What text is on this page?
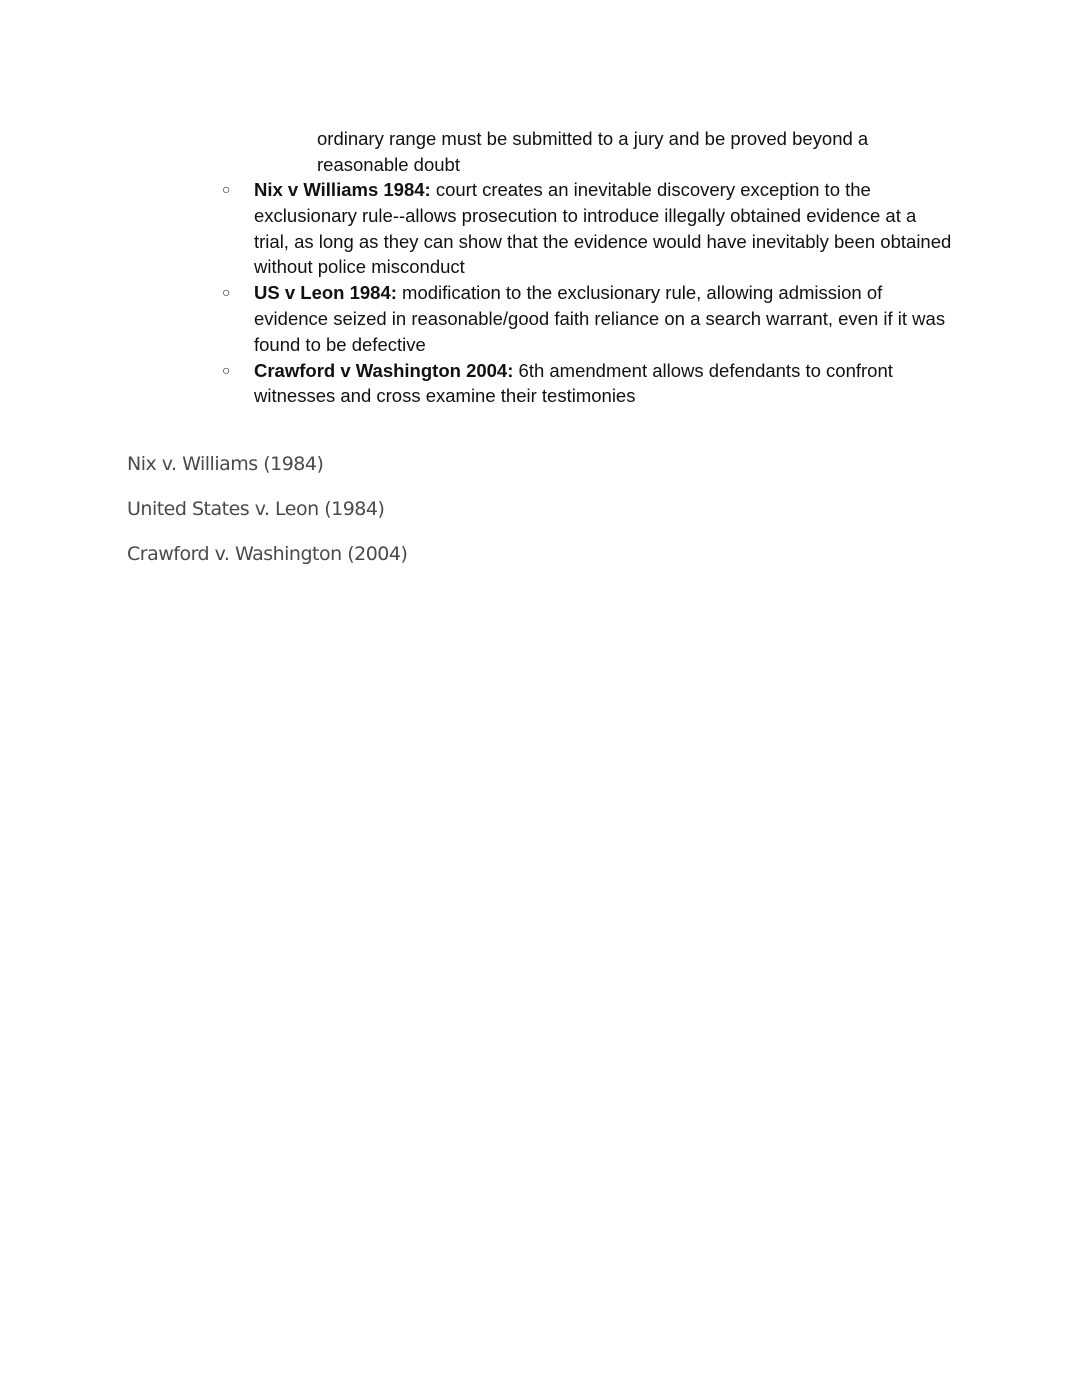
ordinary range must be submitted to a jury and be proved beyond a reasonable doubt
○ Nix v Williams 1984: court creates an inevitable discovery exception to the exclusionary rule--allows prosecution to introduce illegally obtained evidence at a trial, as long as they can show that the evidence would have inevitably been obtained without police misconduct
○ US v Leon 1984: modification to the exclusionary rule, allowing admission of evidence seized in reasonable/good faith reliance on a search warrant, even if it was found to be defective
○ Crawford v Washington 2004: 6th amendment allows defendants to confront witnesses and cross examine their testimonies
Nix v. Williams (1984)
United States v. Leon (1984)
Crawford v. Washington (2004)
